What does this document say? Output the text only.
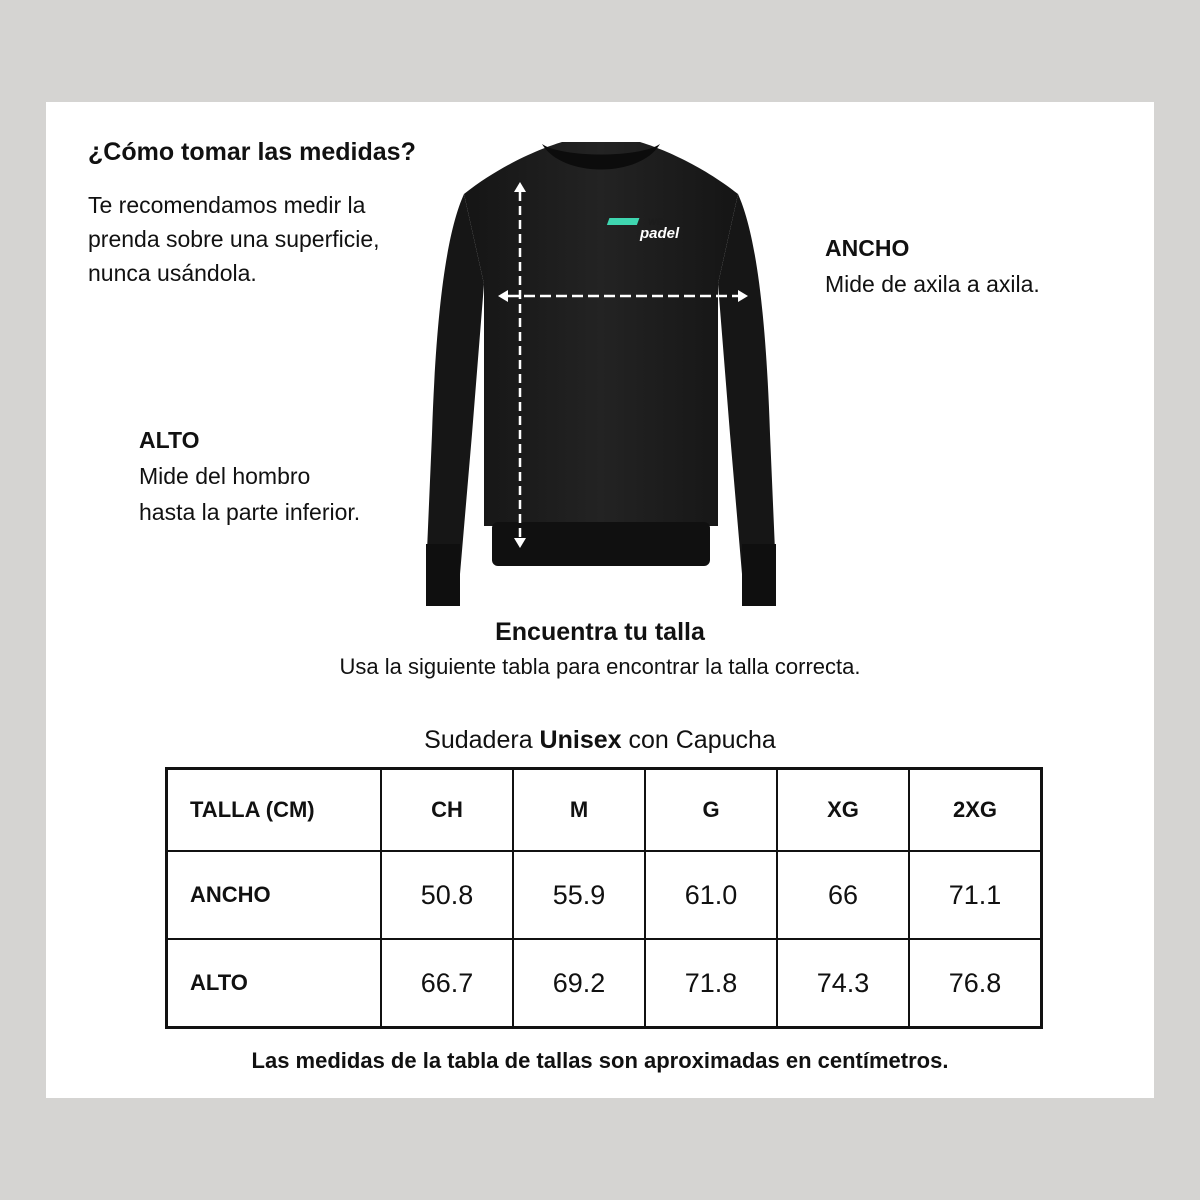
¿Cómo tomar las medidas?
Te recomendamos medir la
prenda sobre una superficie,
nunca usándola.
ANCHO
Mide de axila a axila.
ALTO
Mide del hombro
hasta la parte inferior.
WE
padel
Encuentra tu talla
Usa la siguiente tabla para encontrar la talla correcta.
Sudadera Unisex con Capucha
TALLA (CM)	CH	M	G	XG	2XG
ANCHO	50.8	55.9	61.0	66	71.1
ALTO	66.7	69.2	71.8	74.3	76.8
Las medidas de la tabla de tallas son aproximadas en centímetros.
